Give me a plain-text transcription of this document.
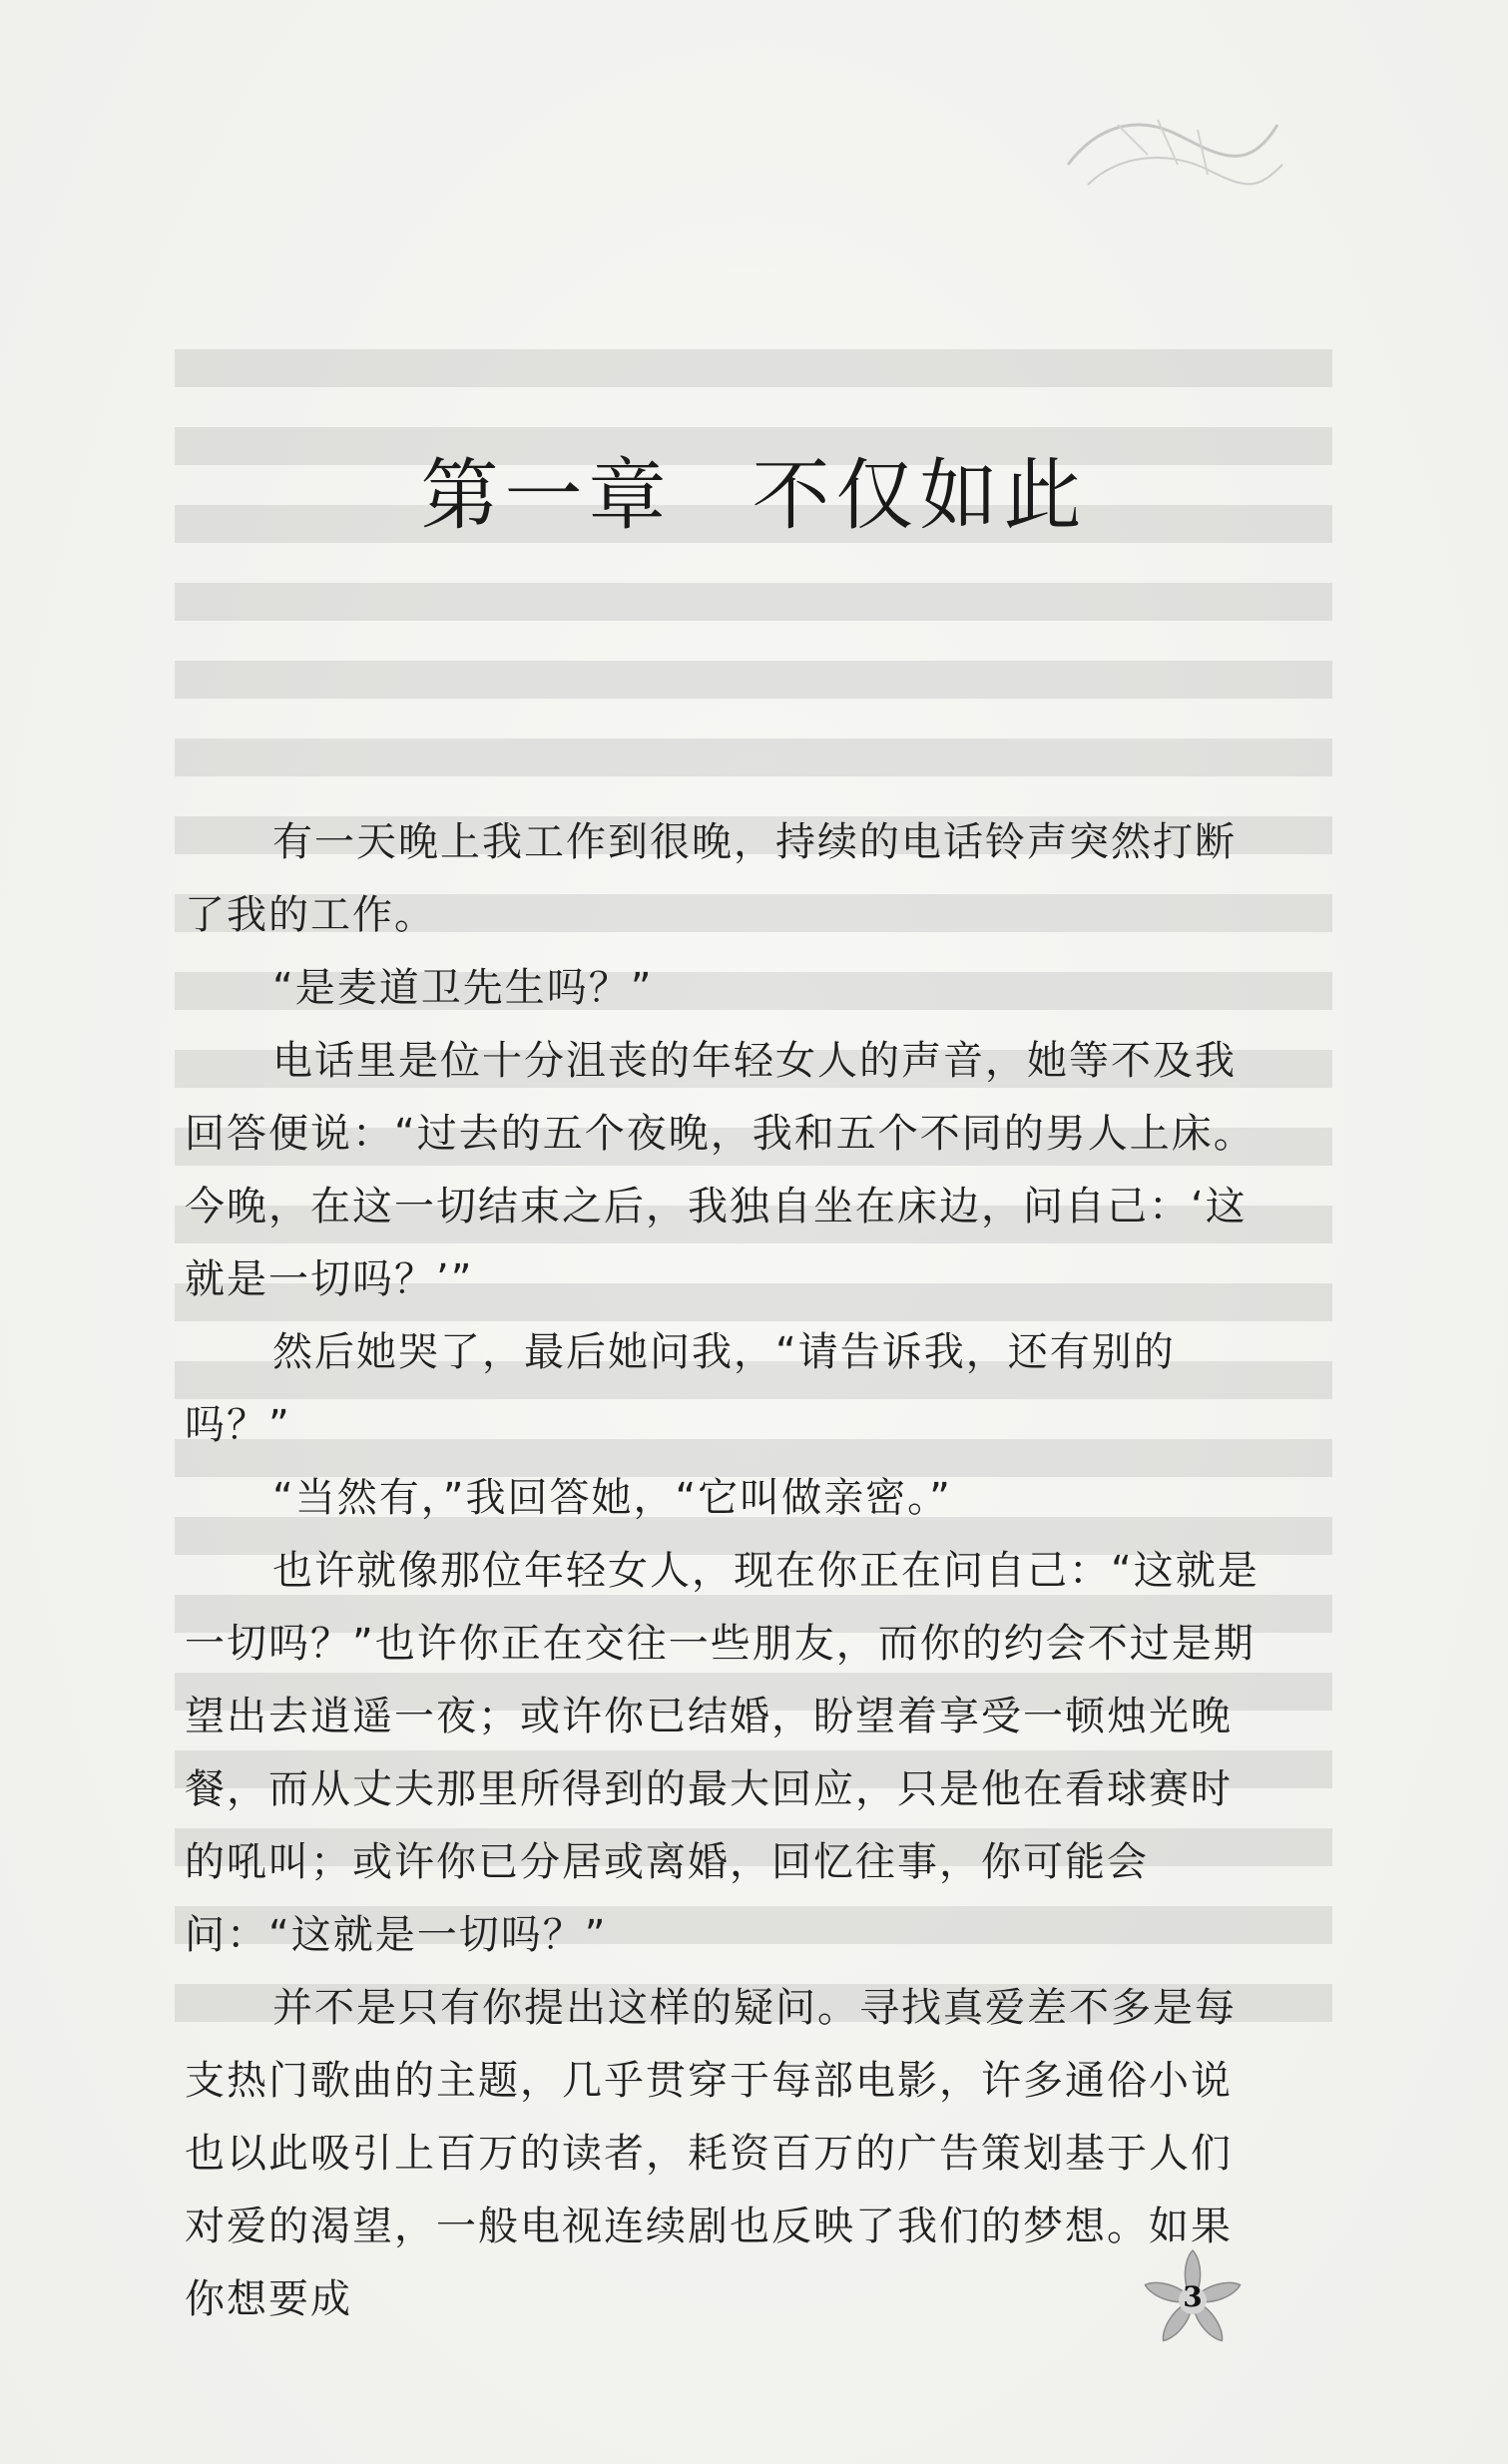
第一章 不仅如此

有一天晚上我工作到很晚，持续的电话铃声突然打断了我的工作。

“是麦道卫先生吗？”

电话里是位十分沮丧的年轻女人的声音，她等不及我回答便说：“过去的五个夜晚，我和五个不同的男人上床。今晚，在这一切结束之后，我独自坐在床边，问自己：‘这就是一切吗？’”

然后她哭了，最后她问我，“请告诉我，还有别的吗？”

“当然有，”我回答她，“它叫做亲密。”

也许就像那位年轻女人，现在你正在问自己：“这就是一切吗？”也许你正在交往一些朋友，而你的约会不过是期望出去逍遥一夜；或许你已结婚，盼望着享受一顿烛光晚餐，而从丈夫那里所得到的最大回应，只是他在看球赛时的吼叫；或许你已分居或离婚，回忆往事，你可能会问：“这就是一切吗？”

并不是只有你提出这样的疑问。寻找真爱差不多是每支热门歌曲的主题，几乎贯穿于每部电影，许多通俗小说也以此吸引上百万的读者，耗资百万的广告策划基于人们对爱的渴望，一般电视连续剧也反映了我们的梦想。如果你想要成	3
